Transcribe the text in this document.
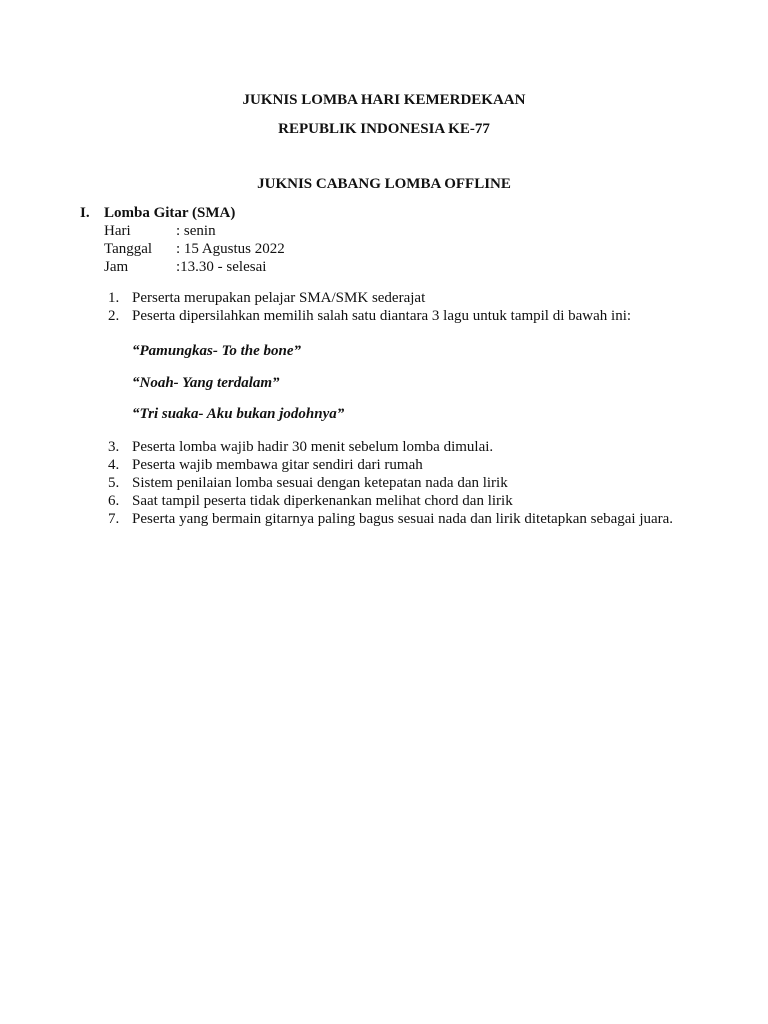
JUKNIS LOMBA HARI KEMERDEKAAN
REPUBLIK INDONESIA KE-77
JUKNIS CABANG LOMBA OFFLINE
I. Lomba Gitar (SMA)
Hari	: senin
Tanggal : 15 Agustus 2022
Jam	:13.30 - selesai
1. Perserta merupakan pelajar SMA/SMK sederajat
2. Peserta dipersilahkan memilih salah satu diantara 3 lagu untuk tampil di bawah ini:
“Pamungkas- To the bone”
“Noah- Yang terdalam”
“Tri suaka- Aku bukan jodohnya”
3. Peserta lomba wajib hadir 30 menit sebelum lomba dimulai.
4. Peserta wajib membawa gitar sendiri dari rumah
5. Sistem penilaian lomba sesuai dengan ketepatan nada dan lirik
6. Saat tampil peserta tidak diperkenankan melihat chord dan lirik
7. Peserta yang bermain gitarnya paling bagus sesuai nada dan lirik ditetapkan sebagai juara.
